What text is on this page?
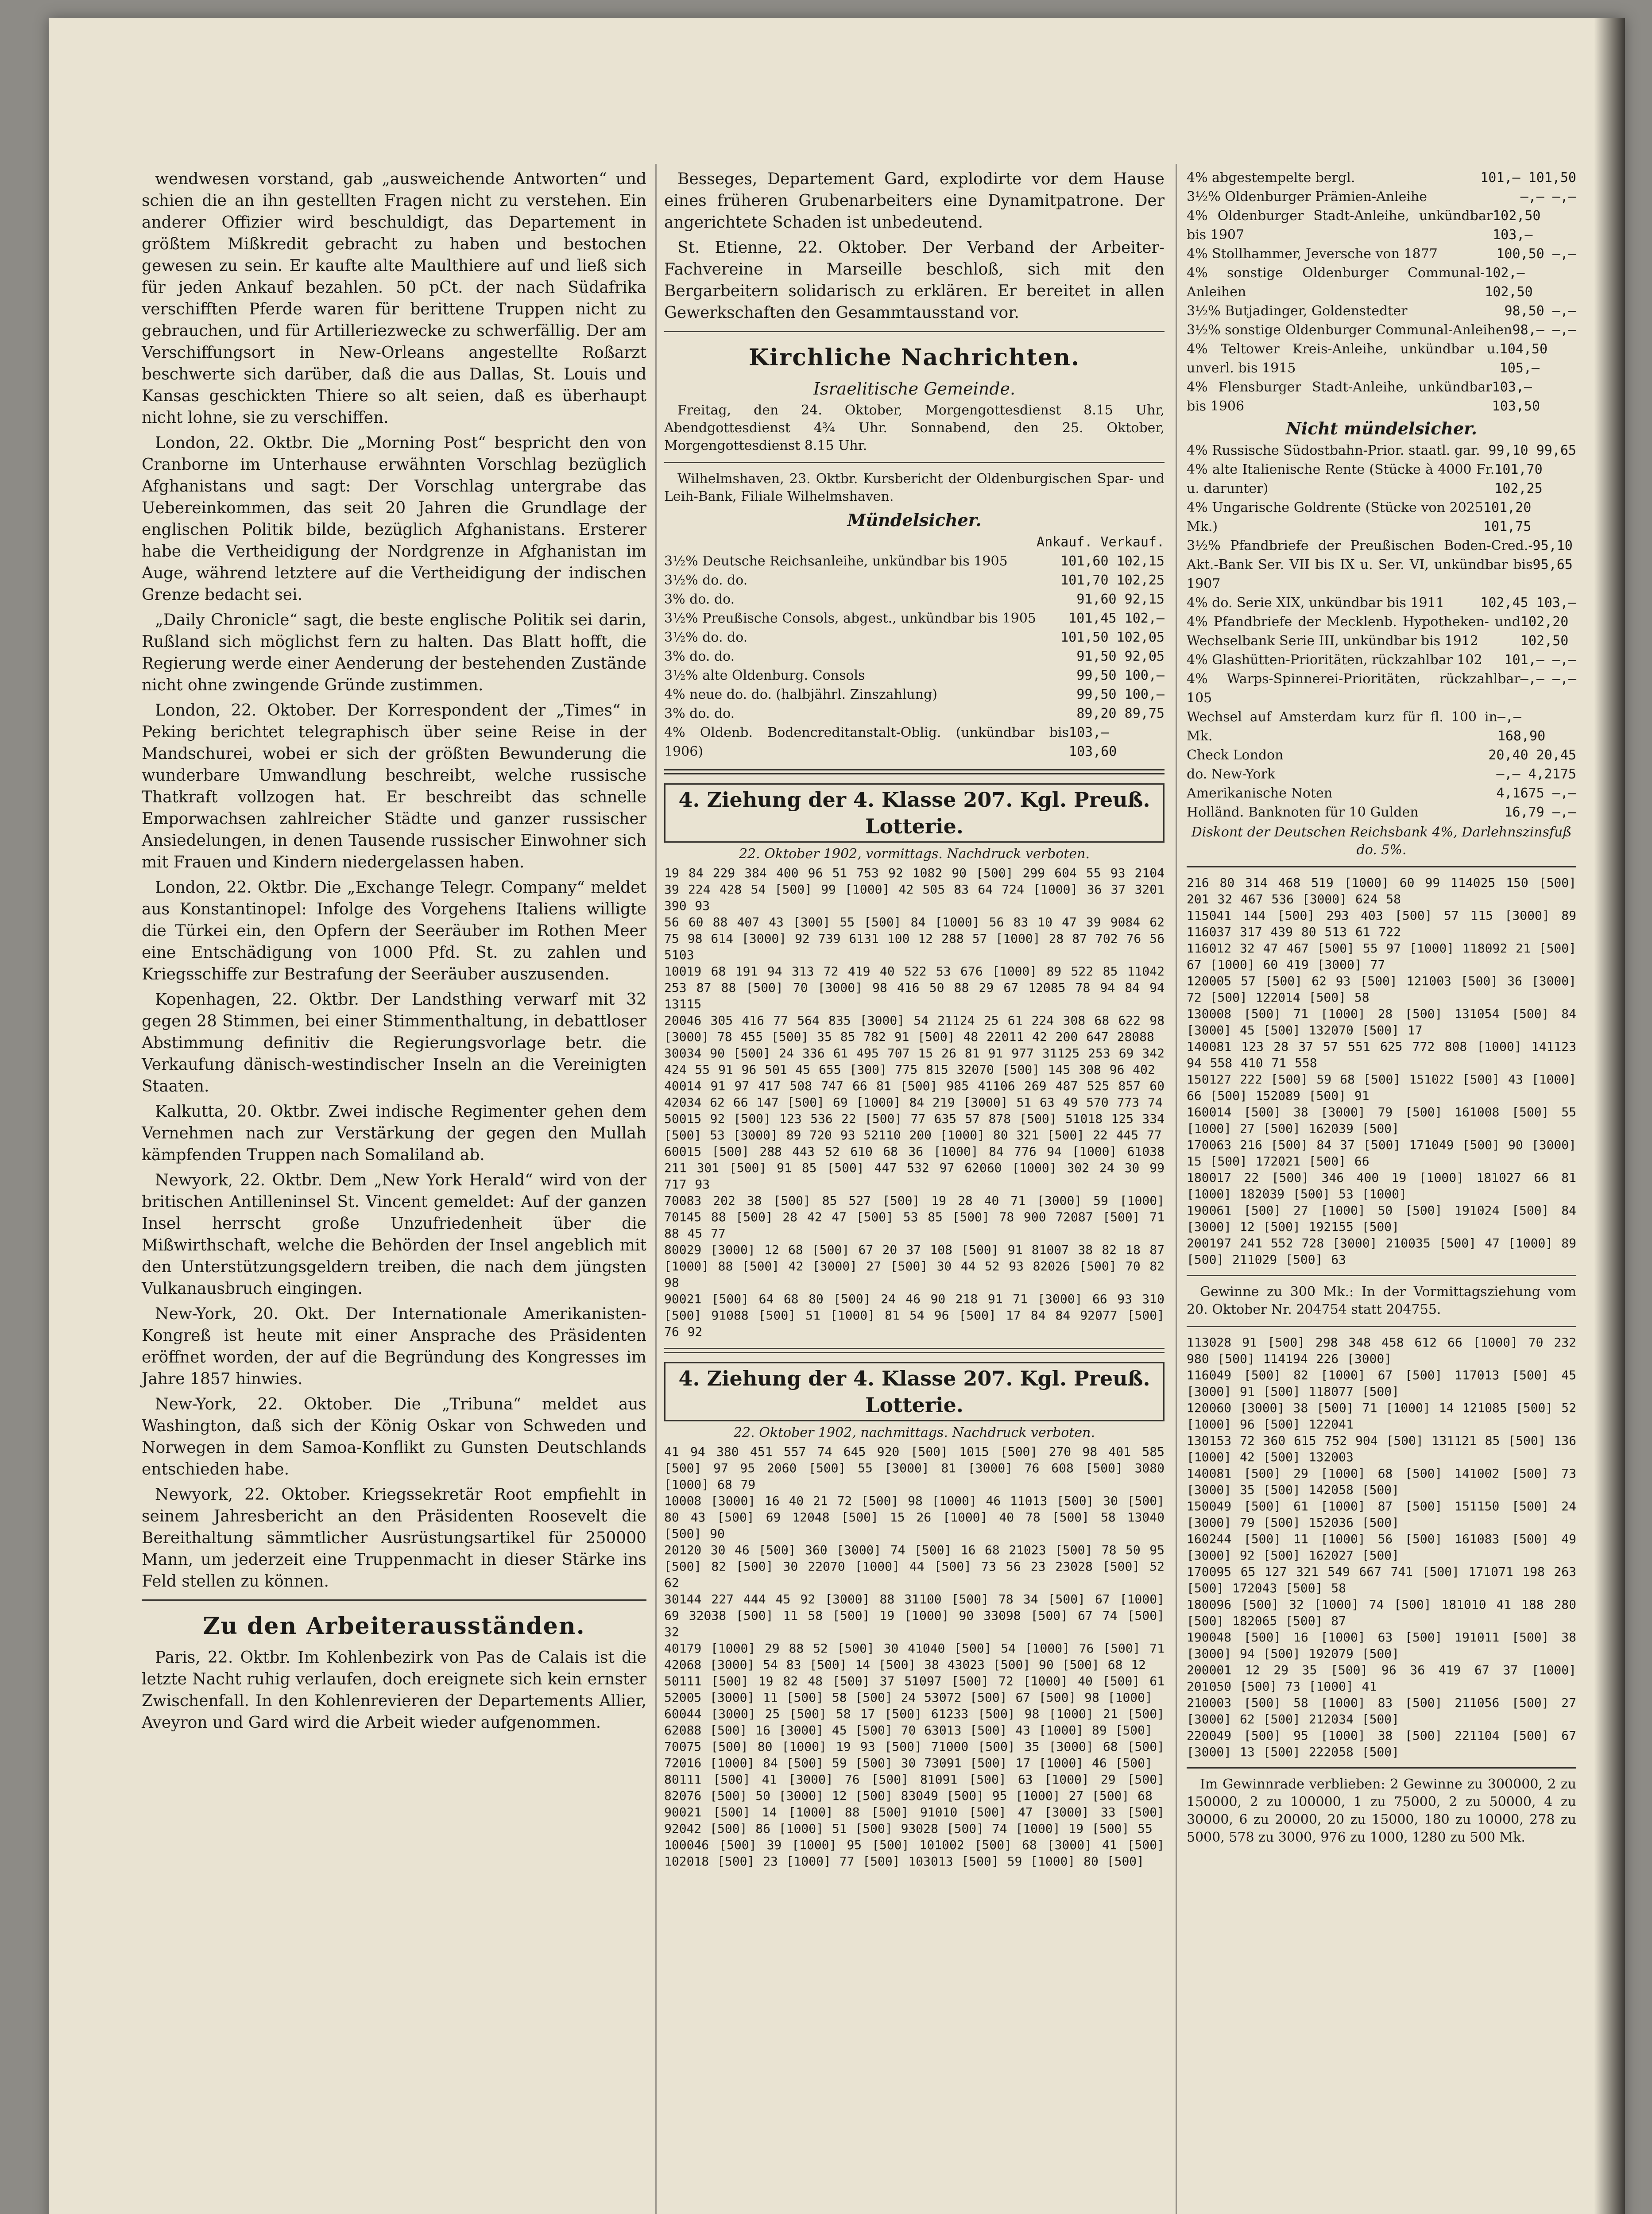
wendwesen vorstand, gab „ausweichende Antworten“ und schien die an ihn gestellten Fragen nicht zu verstehen. Ein anderer Offizier wird beschuldigt, das Departement in größtem Mißkredit gebracht zu haben und bestochen gewesen zu sein. Er kaufte alte Maulthiere auf und ließ sich für jeden Ankauf bezahlen. 50 pCt. der nach Südafrika verschifften Pferde waren für berittene Truppen nicht zu gebrauchen, und für Artilleriezwecke zu schwerfällig. Der am Verschiffungsort in New-Orleans angestellte Roßarzt beschwerte sich darüber, daß die aus Dallas, St. Louis und Kansas geschickten Thiere so alt seien, daß es überhaupt nicht lohne, sie zu verschiffen.

London, 22. Oktbr. Die „Morning Post“ bespricht den von Cranborne im Unterhause erwähnten Vorschlag bezüglich Afghanistans und sagt: Der Vorschlag untergrabe das Uebereinkommen, das seit 20 Jahren die Grundlage der englischen Politik bilde, bezüglich Afghanistans. Ersterer habe die Vertheidigung der Nordgrenze in Afghanistan im Auge, während letztere auf die Vertheidigung der indischen Grenze bedacht sei.

„Daily Chronicle“ sagt, die beste englische Politik sei darin, Rußland sich möglichst fern zu halten. Das Blatt hofft, die Regierung werde einer Aenderung der bestehenden Zustände nicht ohne zwingende Gründe zustimmen.

London, 22. Oktober. Der Korrespondent der „Times“ in Peking berichtet telegraphisch über seine Reise in der Mandschurei, wobei er sich der größten Bewunderung die wunderbare Umwandlung beschreibt, welche russische Thatkraft vollzogen hat. Er beschreibt das schnelle Emporwachsen zahlreicher Städte und ganzer russischer Ansiedelungen, in denen Tausende russischer Einwohner sich mit Frauen und Kindern niedergelassen haben.

London, 22. Oktbr. Die „Exchange Telegr. Company“ meldet aus Konstantinopel: Infolge des Vorgehens Italiens willigte die Türkei ein, den Opfern der Seeräuber im Rothen Meer eine Entschädigung von 1000 Pfd. St. zu zahlen und Kriegsschiffe zur Bestrafung der Seeräuber auszusenden.

Kopenhagen, 22. Oktbr. Der Landsthing verwarf mit 32 gegen 28 Stimmen, bei einer Stimmenthaltung, in debattloser Abstimmung definitiv die Regierungsvorlage betr. die Verkaufung dänisch-westindischer Inseln an die Vereinigten Staaten.

Kalkutta, 20. Oktbr. Zwei indische Regimenter gehen dem Vernehmen nach zur Verstärkung der gegen den Mullah kämpfenden Truppen nach Somaliland ab.

Newyork, 22. Oktbr. Dem „New York Herald“ wird von der britischen Antilleninsel St. Vincent gemeldet: Auf der ganzen Insel herrscht große Unzufriedenheit über die Mißwirthschaft, welche die Behörden der Insel angeblich mit den Unterstützungsgeldern treiben, die nach dem jüngsten Vulkanausbruch eingingen.

New-York, 20. Okt. Der Internationale Amerikanisten-Kongreß ist heute mit einer Ansprache des Präsidenten eröffnet worden, der auf die Begründung des Kongresses im Jahre 1857 hinwies.

New-York, 22. Oktober. Die „Tribuna“ meldet aus Washington, daß sich der König Oskar von Schweden und Norwegen in dem Samoa-Konflikt zu Gunsten Deutschlands entschieden habe.

Newyork, 22. Oktober. Kriegssekretär Root empfiehlt in seinem Jahresbericht an den Präsidenten Roosevelt die Bereithaltung sämmtlicher Ausrüstungsartikel für 250000 Mann, um jederzeit eine Truppenmacht in dieser Stärke ins Feld stellen zu können.

Zu den Arbeiterausständen.

Paris, 22. Oktbr. Im Kohlenbezirk von Pas de Calais ist die letzte Nacht ruhig verlaufen, doch ereignete sich kein ernster Zwischenfall. In den Kohlenrevieren der Departements Allier, Aveyron und Gard wird die Arbeit wieder aufgenommen.

Besseges, Departement Gard, explodirte vor dem Hause eines früheren Grubenarbeiters eine Dynamitpatrone. Der angerichtete Schaden ist unbedeutend.

St. Etienne, 22. Oktober. Der Verband der Arbeiter-Fachvereine in Marseille beschloß, sich mit den Bergarbeitern solidarisch zu erklären. Er bereitet in allen Gewerkschaften den Gesammtausstand vor.

Kirchliche Nachrichten.
Israelitische Gemeinde.

Freitag, den 24. Oktober, Morgengottesdienst 8.15 Uhr, Abendgottesdienst 4¾ Uhr. Sonnabend, den 25. Oktober, Morgengottesdienst 8.15 Uhr.

Wilhelmshaven, 23. Oktbr. Kursbericht der Oldenburgischen Spar- und Leih-Bank, Filiale Wilhelmshaven.

Mündelsicher.
Ankauf. Verkauf.
3½% Deutsche Reichsanleihe, unkündbar bis 1905	101,60 102,15
3½% do. do.	101,70 102,25
3% do. do.	91,60 92,15
3½% Preußische Consols, abgest., unkündbar bis 1905 101,45 102,—
3½% do. do.	101,50 102,05
3% do. do.	91,50 92,05
3½% alte Oldenburg. Consols	99,50 100,—
4% neue do. do. (halbjährl. Zinszahlung)	99,50 100,—
3% do. do.	89,20 89,75
4% Oldenb. Bodencreditanstalt-Oblig. (unkündbar bis 1906)
103,— 103,60
4. Ziehung der 4. Klasse 207. Kgl. Preuß. Lotterie.
22. Oktober 1902, vormittags. Nachdruck verboten.
19 84 229 384 400 96 51 753 92 1082 90 [500] 299 604 55 93 2104 39 224 428 54 [500] 99 [1000] 42 505 83 64 724 [1000] 36 37 3201 390 93
56 60 88 407 43 [300] 55 [500] 84 [1000] 56 83 10 47 39 9084 62 75 98 614 [3000] 92 739 6131 100 12 288 57 [1000] 28 87 702 76 56 5103
10019 68 191 94 313 72 419 40 522 53 676 [1000] 89 522 85 11042 253 87 88 [500] 70 [3000] 98 416 50 88 29 67 12085 78 94 84 94 13115
20046 305 416 77 564 835 [3000] 54 21124 25 61 224 308 68 622 98 [3000] 78 455 [500] 35 85 782 91 [500] 48 22011 42 200 647 28088
30034 90 [500] 24 336 61 495 707 15 26 81 91 977 31125 253 69 342 424 55 91 96 501 45 655 [300] 775 815 32070 [500] 145 308 96 402
40014 91 97 417 508 747 66 81 [500] 985 41106 269 487 525 857 60 42034 62 66 147 [500] 69 [1000] 84 219 [3000] 51 63 49 570 773 74
50015 92 [500] 123 536 22 [500] 77 635 57 878 [500] 51018 125 334 [500] 53 [3000] 89 720 93 52110 200 [1000] 80 321 [500] 22 445 77
60015 [500] 288 443 52 610 68 36 [1000] 84 776 94 [1000] 61038 211 301 [500] 91 85 [500] 447 532 97 62060 [1000] 302 24 30 99 717 93
70083 202 38 [500] 85 527 [500] 19 28 40 71 [3000] 59 [1000] 70145 88 [500] 28 42 47 [500] 53 85 [500] 78 900 72087 [500] 71 88 45 77
80029 [3000] 12 68 [500] 67 20 37 108 [500] 91 81007 38 82 18 87 [1000] 88 [500] 42 [3000] 27 [500] 30 44 52 93 82026 [500] 70 82 98
90021 [500] 64 68 80 [500] 24 46 90 218 91 71 [3000] 66 93 310 [500] 91088 [500] 51 [1000] 81 54 96 [500] 17 84 84 92077 [500] 76 92
4. Ziehung der 4. Klasse 207. Kgl. Preuß. Lotterie.
22. Oktober 1902, nachmittags. Nachdruck verboten.
41 94 380 451 557 74 645 920 [500] 1015 [500] 270 98 401 585 [500] 97 95 2060 [500] 55 [3000] 81 [3000] 76 608 [500] 3080 [1000] 68 79
10008 [3000] 16 40 21 72 [500] 98 [1000] 46 11013 [500] 30 [500] 80 43 [500] 69 12048 [500] 15 26 [1000] 40 78 [500] 58 13040 [500] 90
20120 30 46 [500] 360 [3000] 74 [500] 16 68 21023 [500] 78 50 95 [500] 82 [500] 30 22070 [1000] 44 [500] 73 56 23 23028 [500] 52 62
30144 227 444 45 92 [3000] 88 31100 [500] 78 34 [500] 67 [1000] 69 32038 [500] 11 58 [500] 19 [1000] 90 33098 [500] 67 74 [500] 32
40179 [1000] 29 88 52 [500] 30 41040 [500] 54 [1000] 76 [500] 71 42068 [3000] 54 83 [500] 14 [500] 38 43023 [500] 90 [500] 68 12
50111 [500] 19 82 48 [500] 37 51097 [500] 72 [1000] 40 [500] 61 52005 [3000] 11 [500] 58 [500] 24 53072 [500] 67 [500] 98 [1000]
60044 [3000] 25 [500] 58 17 [500] 61233 [500] 98 [1000] 21 [500] 62088 [500] 16 [3000] 45 [500] 70 63013 [500] 43 [1000] 89 [500]
70075 [500] 80 [1000] 19 93 [500] 71000 [500] 35 [3000] 68 [500] 72016 [1000] 84 [500] 59 [500] 30 73091 [500] 17 [1000] 46 [500]
80111 [500] 41 [3000] 76 [500] 81091 [500] 63 [1000] 29 [500] 82076 [500] 50 [3000] 12 [500] 83049 [500] 95 [1000] 27 [500] 68
90021 [500] 14 [1000] 88 [500] 91010 [500] 47 [3000] 33 [500] 92042 [500] 86 [1000] 51 [500] 93028 [500] 74 [1000] 19 [500] 55
100046 [500] 39 [1000] 95 [500] 101002 [500] 68 [3000] 41 [500] 102018 [500] 23 [1000] 77 [500] 103013 [500] 59 [1000] 80 [500]
4% abgestempelte bergl.	101,— 101,50
3½% Oldenburger Prämien-Anleihe	—,— —,—
4% Oldenburger Stadt-Anleihe, unkündbar bis 1907
102,50 103,—
4% Stollhammer, Jeversche von 1877	100,50 —,—
4% sonstige Oldenburger Communal-Anleihen
102,— 102,50
3½% Butjadinger, Goldenstedter	98,50 —,—
3½% sonstige Oldenburger Communal-Anleihen 98,— —,—
4% Teltower Kreis-Anleihe, unkündbar u. unverl. bis 1915
104,50 105,—
4% Flensburger Stadt-Anleihe, unkündbar bis 1906
103,— 103,50
Nicht mündelsicher.
4% Russische Südostbahn-Prior. staatl. gar. 99,10 99,65
4% alte Italienische Rente (Stücke à 4000 Fr. u. darunter)
101,70 102,25
4% Ungarische Goldrente (Stücke von 2025 Mk.)
101,20 101,75
3½% Pfandbriefe der Preußischen Boden-Cred.-Akt.-Bank Ser. VII bis IX u. Ser. VI, unkündbar bis 1907
95,10 95,65
4% do. Serie XIX, unkündbar bis 1911	102,45 103,—
4% Pfandbriefe der Mecklenb. Hypotheken- und Wechselbank Serie III, unkündbar bis 1912
102,20 102,50
4% Glashütten-Prioritäten, rückzahlbar 102 101,— —,—
4% Warps-Spinnerei-Prioritäten, rückzahlbar 105
—,— —,—
Wechsel auf Amsterdam kurz für fl. 100 in Mk.
—,— 168,90
Check London	20,40 20,45
do. New-York	—,— 4,2175
Amerikanische Noten	4,1675 —,—
Holländ. Banknoten für 10 Gulden	16,79 —,—
Diskont der Deutschen Reichsbank 4%, Darlehnszinsfuß do. 5%.
216 80 314 468 519 [1000] 60 99 114025 150 [500] 201 32 467 536 [3000] 624 58
115041 144 [500] 293 403 [500] 57 115 [3000] 89 116037 317 439 80 513 61 722
116012 32 47 467 [500] 55 97 [1000] 118092 21 [500] 67 [1000] 60 419 [3000] 77
120005 57 [500] 62 93 [500] 121003 [500] 36 [3000] 72 [500] 122014 [500] 58
130008 [500] 71 [1000] 28 [500] 131054 [500] 84 [3000] 45 [500] 132070 [500] 17
140081 123 28 37 57 551 625 772 808 [1000] 141123 94 558 410 71 558
150127 222 [500] 59 68 [500] 151022 [500] 43 [1000] 66 [500] 152089 [500] 91
160014 [500] 38 [3000] 79 [500] 161008 [500] 55 [1000] 27 [500] 162039 [500]
170063 216 [500] 84 37 [500] 171049 [500] 90 [3000] 15 [500] 172021 [500] 66
180017 22 [500] 346 400 19 [1000] 181027 66 81 [1000] 182039 [500] 53 [1000]
190061 [500] 27 [1000] 50 [500] 191024 [500] 84 [3000] 12 [500] 192155 [500]
200197 241 552 728 [3000] 210035 [500] 47 [1000] 89 [500] 211029 [500] 63

Gewinne zu 300 Mk.: In der Vormittagsziehung vom 20. Oktober Nr. 204754 statt 204755.

113028 91 [500] 298 348 458 612 66 [1000] 70 232 980 [500] 114194 226 [3000]
116049 [500] 82 [1000] 67 [500] 117013 [500] 45 [3000] 91 [500] 118077 [500]
120060 [3000] 38 [500] 71 [1000] 14 121085 [500] 52 [1000] 96 [500] 122041
130153 72 360 615 752 904 [500] 131121 85 [500] 136 [1000] 42 [500] 132003
140081 [500] 29 [1000] 68 [500] 141002 [500] 73 [3000] 35 [500] 142058 [500]
150049 [500] 61 [1000] 87 [500] 151150 [500] 24 [3000] 79 [500] 152036 [500]
160244 [500] 11 [1000] 56 [500] 161083 [500] 49 [3000] 92 [500] 162027 [500]
170095 65 127 321 549 667 741 [500] 171071 198 263 [500] 172043 [500] 58
180096 [500] 32 [1000] 74 [500] 181010 41 188 280 [500] 182065 [500] 87
190048 [500] 16 [1000] 63 [500] 191011 [500] 38 [3000] 94 [500] 192079 [500]
200001 12 29 35 [500] 96 36 419 67 37 [1000] 201050 [500] 73 [1000] 41
210003 [500] 58 [1000] 83 [500] 211056 [500] 27 [3000] 62 [500] 212034 [500]
220049 [500] 95 [1000] 38 [500] 221104 [500] 67 [3000] 13 [500] 222058 [500]

Im Gewinnrade verblieben: 2 Gewinne zu 300000, 2 zu 150000, 2 zu 100000, 1 zu 75000, 2 zu 50000, 4 zu 30000, 6 zu 20000, 20 zu 15000, 180 zu 10000, 278 zu 5000, 578 zu 3000, 976 zu 1000, 1280 zu 500 Mk.
